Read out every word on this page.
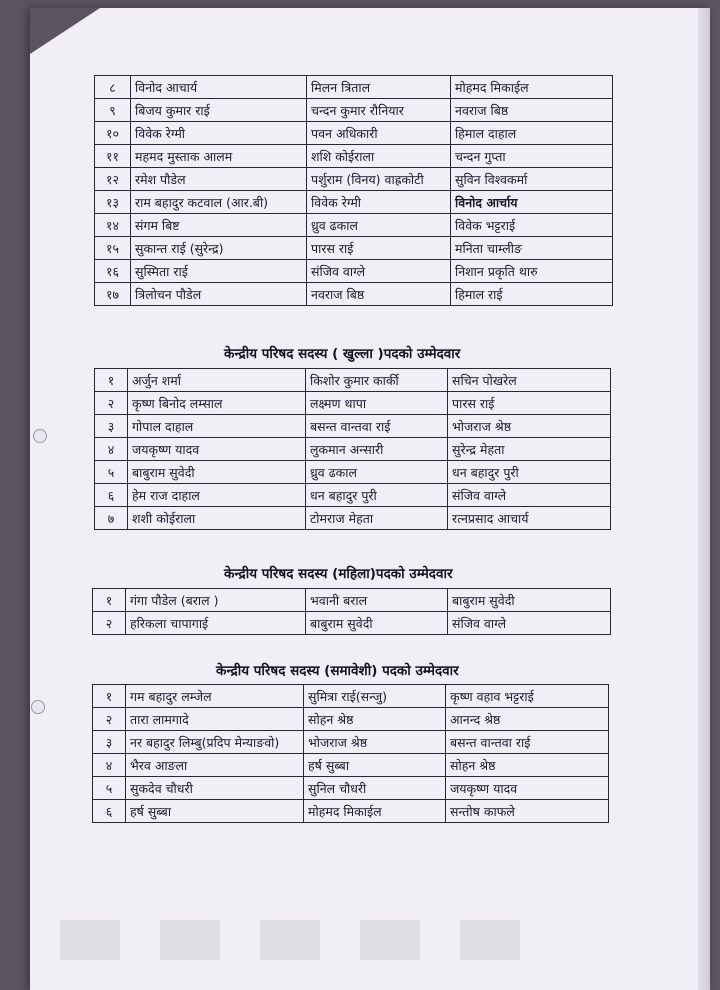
८	विनोद आचार्य	मिलन त्रिताल	मोहमद मिकाईल
९	बिजय कुमार राई	चन्दन कुमार रौनियार	नवराज बिष्ठ
१०	विवेक रेग्मी	पवन अधिकारी	हिमाल दाहाल
११	महमद मुस्ताक आलम	शशि कोईराला	चन्दन गुप्ता
१२	रमेश पौडेल	पर्शुराम (विनय) वाह्रकोटी	सुविन विश्वकर्मा
१३	राम बहादुर कटवाल (आर.बी)	विवेक रेग्मी	विनोद आर्चाय
१४	संगम बिष्ट	ध्रुव ढकाल	विवेक भट्टराई
१५	सुकान्त राई (सुरेन्द्र)	पारस राई	मनिता चाम्लीङ
१६	सुस्मिता राई	संजिव वाग्ले	निशान प्रकृति थारु
१७	त्रिलोचन पौडेल	नवराज बिष्ठ	हिमाल राई
केन्द्रीय परिषद सदस्य ( खुल्ला )पदको उम्मेदवार
१	अर्जुन शर्मा	किशोर कुमार कार्की	सचिन पोखरेल
२	कृष्ण बिनोद लम्साल	लक्ष्मण थापा	पारस राई
३	गोपाल दाहाल	बसन्त वान्तवा राई	भोजराज श्रेष्ठ
४	जयकृष्ण यादव	लुकमान अन्सारी	सुरेन्द्र मेहता
५	बाबुराम सुवेदी	ध्रुव ढकाल	धन बहादुर पुरी
६	हेम राज दाहाल	धन बहादुर पुरी	संजिव वाग्ले
७	शशी कोईराला	टोमराज मेहता	रत्नप्रसाद आचार्य
केन्द्रीय परिषद सदस्य (महिला)पदको उम्मेदवार
१	गंगा पौडेल (बराल )	भवानी बराल	बाबुराम सुवेदी
२	हरिकला चापागाई	बाबुराम सुवेदी	संजिव वाग्ले
केन्द्रीय परिषद सदस्य (समावेशी) पदको उम्मेदवार
१	गम बहादुर लम्जेल	सुमित्रा राई(सन्जु)	कृष्ण वहाव भट्टराई
२	तारा लामगादे	सोहन श्रेष्ठ	आनन्द श्रेष्ठ
३	नर बहादुर लिम्बु(प्रदिप मेन्याङवो)	भोजराज श्रेष्ठ	बसन्त वान्तवा राई
४	भैरव आङला	हर्ष सुब्बा	सोहन श्रेष्ठ
५	सुकदेव चौधरी	सुनिल चौधरी	जयकृष्ण यादव
६	हर्ष सुब्बा	मोहमद मिकाईल	सन्तोष काफले
